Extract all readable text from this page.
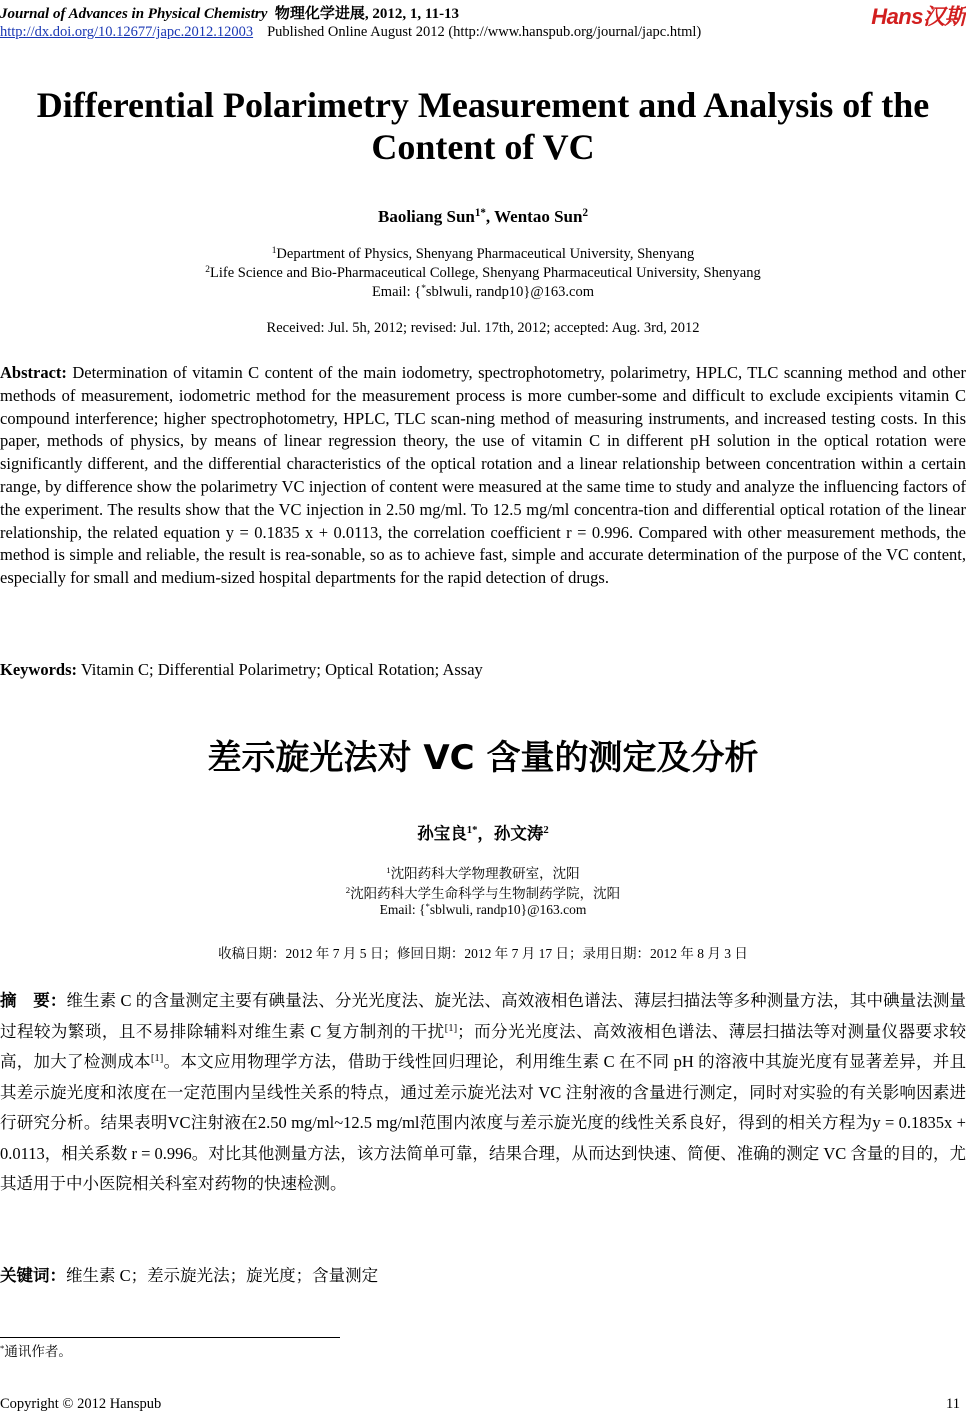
Journal of Advances in Physical Chemistry 物理化学进展, 2012, 1, 11-13	Hans汉斯
http://dx.doi.org/10.12677/japc.2012.12003 Published Online August 2012 (http://www.hanspub.org/journal/japc.html)
Differential Polarimetry Measurement and Analysis of the
Content of VC
Baoliang Sun$^{1*}$, Wentao Sun$^2$
$^1$Department of Physics, Shenyang Pharmaceutical University, Shenyang
$^2$Life Science and Bio-Pharmaceutical College, Shenyang Pharmaceutical University, Shenyang
Email: {*sblwuli, randp10}@163.com
Received: Jul. 5h, 2012; revised: Jul. 17th, 2012; accepted: Aug. 3rd, 2012
Abstract: Determination of vitamin C content of the main iodometry, spectrophotometry, polarimetry, HPLC, TLC scanning method and other methods of measurement, iodometric method for the measurement process is more cumber-some and difficult to exclude excipients vitamin C compound interference; higher spectrophotometry, HPLC, TLC scan-ning method of measuring instruments, and increased testing costs. In this paper, methods of physics, by means of linear regression theory, the use of vitamin C in different pH solution in the optical rotation were significantly different, and the differential characteristics of the optical rotation and a linear relationship between concentration within a certain range, by difference show the polarimetry VC injection of content were measured at the same time to study and analyze the influencing factors of the experiment. The results show that the VC injection in 2.50 mg/ml. To 12.5 mg/ml concentra-tion and differential optical rotation of the linear relationship, the related equation y = 0.1835 x + 0.0113, the correlation coefficient r = 0.996. Compared with other measurement methods, the method is simple and reliable, the result is rea-sonable, so as to achieve fast, simple and accurate determination of the purpose of the VC content, especially for small and medium-sized hospital departments for the rapid detection of drugs.
Keywords: Vitamin C; Differential Polarimetry; Optical Rotation; Assay
差示旋光法对 VC 含量的测定及分析
孙宝良$^{1*}$，孙文涛$^2$
$^1$沈阳药科大学物理教研室，沈阳
$^2$沈阳药科大学生命科学与生物制药学院，沈阳
Email: {*sblwuli, randp10}@163.com
收稿日期：2012 年 7 月 5 日；修回日期：2012 年 7 月 17 日；录用日期：2012 年 8 月 3 日
摘　要：维生素 C 的含量测定主要有碘量法、分光光度法、旋光法、高效液相色谱法、薄层扫描法等多种测量方法，其中碘量法测量过程较为繁琐，且不易排除辅料对维生素 C 复方制剂的干扰[1]；而分光光度法、高效液相色谱法、薄层扫描法等对测量仪器要求较高，加大了检测成本[1]。本文应用物理学方法，借助于线性回归理论，利用维生素 C 在不同 pH 的溶液中其旋光度有显著差异，并且其差示旋光度和浓度在一定范围内呈线性关系的特点，通过差示旋光法对 VC 注射液的含量进行测定，同时对实验的有关影响因素进行研究分析。结果表明VC注射液在2.50 mg/ml~12.5 mg/ml范围内浓度与差示旋光度的线性关系良好，得到的相关方程为y = 0.1835x + 0.0113，相关系数 r = 0.996。对比其他测量方法，该方法简单可靠，结果合理，从而达到快速、简便、准确的测定 VC 含量的目的，尤其适用于中小医院相关科室对药物的快速检测。
关键词：维生素 C；差示旋光法；旋光度；含量测定
*通讯作者。
Copyright © 2012 Hanspub	11
